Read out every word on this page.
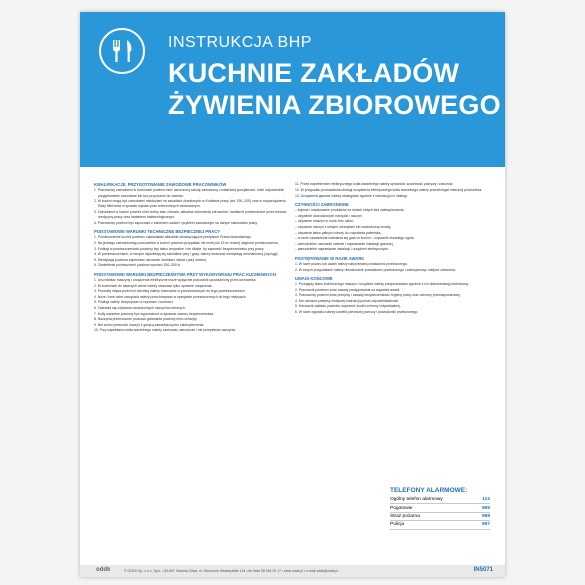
INSTRUKCJA BHP
KUCHNIE ZAKŁADÓW
ŻYWIENIA ZBIOROWEGO
KWALIFIKACJE, PRZYGOTOWANIE ZAWODOWE PRACOWNIKÓW
1. Pracownicy zatrudnieni w kuchniach powinni mieć ukończoną szkołę zawodową o właściwej specjalności, mieć odpowiednie przygotowanie zawodowe lub być przyuczeni do zawodu.
2. W kuchni mogą być zatrudnieni młodociani na zasadach określonych w Kodeksie pracy (art. 190–205) oraz w rozporządzeniu Rady Ministrów w sprawie wykazu prac wzbronionych młodocianym.
3. Zatrudnieni w kuchni powinni mieć dobry stan zdrowia, aktualne dokumenty zdrowotne i sanitarne potwierdzone przez lekarza medycyny pracy oraz badaniem bakteriologicznym.
4. Pracownicy powinni być zapoznani z zakresem zadań i ryzykiem zawodowym na danym stanowisku pracy.
PODSTAWOWE WARUNKI TECHNICZNE BEZPIECZNEJ PRACY
1. Pomieszczenie kuchni powinno odpowiadać aktualnie obowiązującym przepisom Prawa budowlanego.
2. Na jednego zatrudnionego pracownika w kuchni powinno przypadać nie mniej niż 13 m³ wolnej objętości pomieszczenia.
3. Podłogi w pomieszczeniach powinny być łatwo zmywalne i nie śliskie, by zapewnić bezpieczeństwo przy pracy.
4. W pomieszczeniach, w których wydzielają się szkodliwe pary i gazy, należy stosować wentylację mechaniczną (wyciągi).
5. Wentylacja powinna zapewniać usuwanie nadmiaru ciepła i pary wodnej.
6. Oświetlenie pomieszczeń powinno wynosić 150–300 lx.
PODSTAWOWE WARUNKI BEZPIECZEŃSTWA PRZY WYKONYWANIU PRAC KUCHENNYCH
1. Uruchamiać maszyny i urządzenia elektryczne może wyłącznie pracownik upoważniony przez kierownika.
2. W kuchniach do własnych celów należy stosować tylko sprawne urządzenia.
3. Produkty mięsa przed ich obróbką należy rozmrażać w przeznaczonych do tego pomieszczeniach.
4. Noże i inne ostre narzędzia należy przechowywać w specjalnie przeznaczonych do tego miejscach.
5. Podłogi należy utrzymywać w czystości i suchości.
6. Zabrania się używania uszkodzonych naczyń kuchennych.
7. Kotły warzelne powinny być wyposażone w sprawne zawory bezpieczeństwa.
8. Naczynia przenoszone podczas gotowania powinny mieć uchwyty.
9. Nie wolno przenosić naczyń z gorącą zawartością bez zabezpieczenia.
10. Przy napełnianiu kotła warzelnego należy zachować ostrożność i nie przepełniać naczynia.
11. Przed napełnieniem elektrycznego kotła warzelnego należy sprawdzić szczelność pokrywy i zaworów.
12. W przypadku prowadzenia obsługi urządzenia elektrycznego kotła warzelnego należy przestrzegać instrukcji producenta.
13. Urządzenia gazowe należy obsługiwać zgodnie z instrukcją ich obsługi.
CZYNNOŚCI ZABRONIONE
– kojenie i instalowanie produktów na dolach obłych bez zabezpieczenia,
– używanie uszkodzonych narzędzi i naczyń,
– używanie maszyn w ruchu bez osłon,
– używanie naczyń z ubitymi uchwytami lub uszkodzoną emalią,
– używanie łatwo palnych cieczy do rozpalania paleniska,
– w razie zauważenia ulatniania się gazu w kuchni – używanie otwartego ognia,
– samodzielne usuwanie usterek i naprawianie instalacji gazowej,
– samodzielne naprawianie instalacji i urządzeń elektrycznych.
POSTĘPOWANIE W RAZIE AWARII
1. W razie pożaru lub awarii należy natychmiast powiadomić przełożonego.
2. W innych przypadkach należy niezwłocznie powiadomić przełożonego i zabezpieczyć miejsce zdarzenia.
UWAGI KOŃCOWE
1. Przeglądy stanu technicznego maszyn i urządzeń należy przeprowadzać zgodnie z ich dokumentacją techniczną.
2. Pracownik powinien znać zasady postępowania na wypadek awarii.
3. Pracownicy powinni znać przepisy i zasady bezpieczeństwa i higieny pracy oraz ochrony przeciwpożarowej.
4. Kto narusza przepisy niniejszej instrukcji ponosi odpowiedzialność.
5. Kierownik zakładu powinien zapewnić środki ochrony indywidualnej.
6. W razie wypadku należy udzielić pierwszej pomocy i powiadomić przełożonego.
TELEFONY ALARMOWE:
Ogólny telefon alarmowy	112
Pogotowie	999
Straż pożarna	998
Policja	997
oddk	© ODDK Sp. z o.o. Sp.k. • 80-557 Gdańsk-Oliwa, ul. Obrońców Westerplatte 124 • tel./faks 58 554 29 17 • www.oddk.pl • e-mail oddk@oddk.pl	IN5071
